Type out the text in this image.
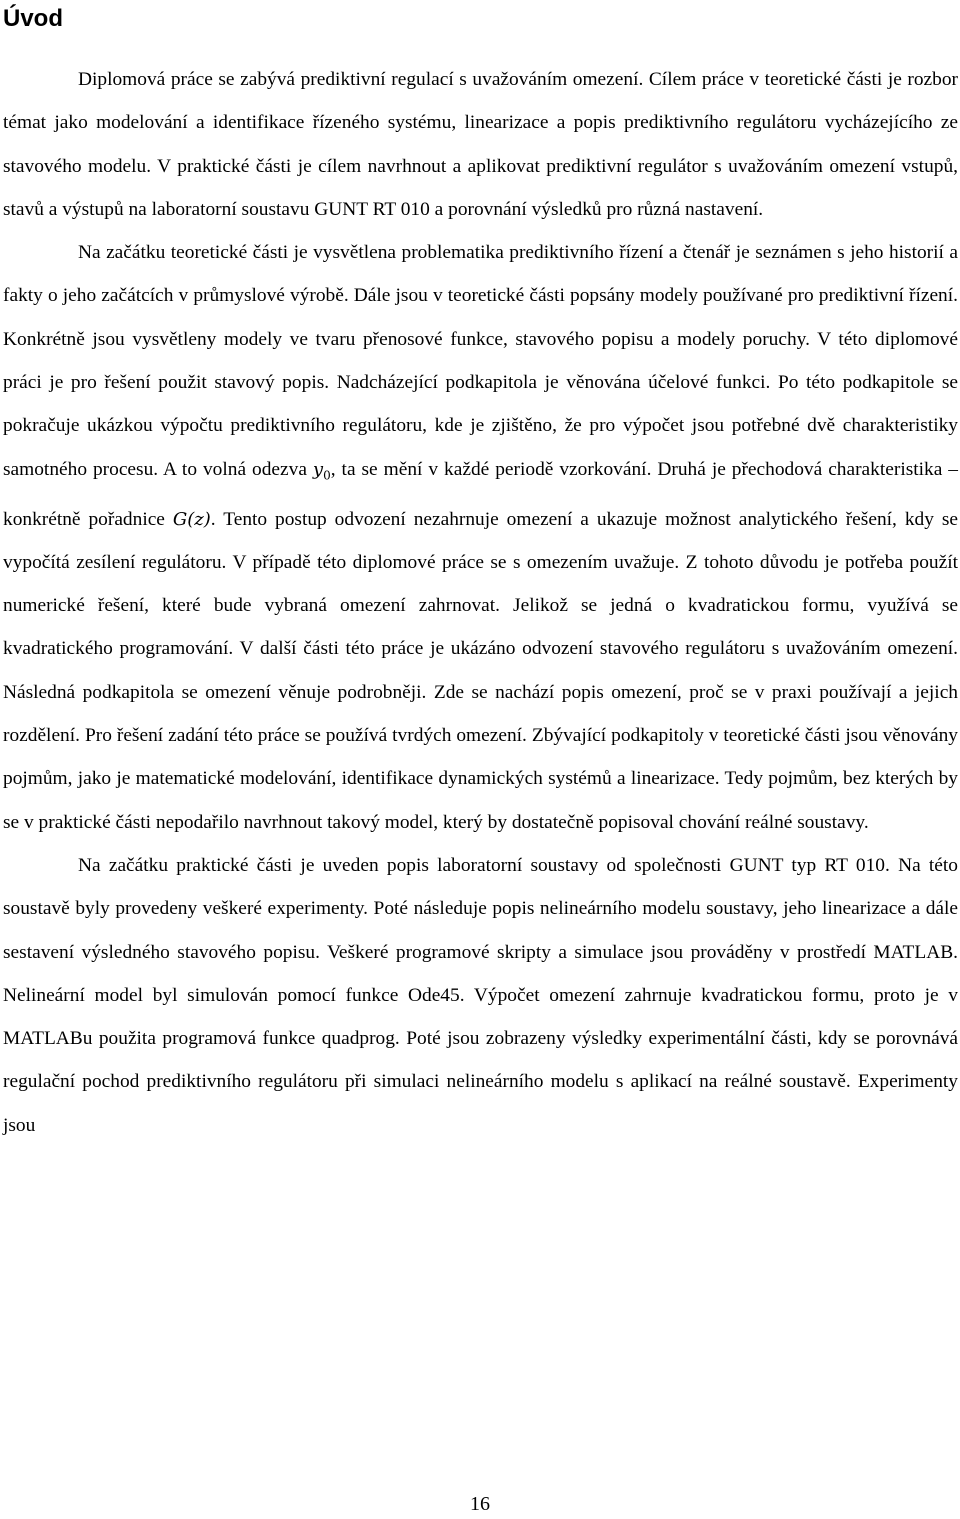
Úvod

Diplomová práce se zabývá prediktivní regulací s uvažováním omezení. Cílem práce v teoretické části je rozbor témat jako modelování a identifikace řízeného systému, linearizace a popis prediktivního regulátoru vycházejícího ze stavového modelu. V praktické části je cílem navrhnout a aplikovat prediktivní regulátor s uvažováním omezení vstupů, stavů a výstupů na laboratorní soustavu GUNT RT 010 a porovnání výsledků pro různá nastavení.

Na začátku teoretické části je vysvětlena problematika prediktivního řízení a čtenář je seznámen s jeho historií a fakty o jeho začátcích v průmyslové výrobě. Dále jsou v teoretické části popsány modely používané pro prediktivní řízení. Konkrétně jsou vysvětleny modely ve tvaru přenosové funkce, stavového popisu a modely poruchy. V této diplomové práci je pro řešení použit stavový popis. Nadcházející podkapitola je věnována účelové funkci. Po této podkapitole se pokračuje ukázkou výpočtu prediktivního regulátoru, kde je zjištěno, že pro výpočet jsou potřebné dvě charakteristiky samotného procesu. A to volná odezva $y_0$, ta se mění v každé periodě vzorkování. Druhá je přechodová charakteristika – konkrétně pořadnice G(z). Tento postup odvození nezahrnuje omezení a ukazuje možnost analytického řešení, kdy se vypočítá zesílení regulátoru. V případě této diplomové práce se s omezením uvažuje. Z tohoto důvodu je potřeba použít numerické řešení, které bude vybraná omezení zahrnovat. Jelikož se jedná o kvadratickou formu, využívá se kvadratického programování. V další části této práce je ukázáno odvození stavového regulátoru s uvažováním omezení. Následná podkapitola se omezení věnuje podrobněji. Zde se nachází popis omezení, proč se v praxi používají a jejich rozdělení. Pro řešení zadání této práce se používá tvrdých omezení. Zbývající podkapitoly v teoretické části jsou věnovány pojmům, jako je matematické modelování, identifikace dynamických systémů a linearizace. Tedy pojmům, bez kterých by se v praktické části nepodařilo navrhnout takový model, který by dostatečně popisoval chování reálné soustavy.

Na začátku praktické části je uveden popis laboratorní soustavy od společnosti GUNT typ RT 010. Na této soustavě byly provedeny veškeré experimenty. Poté následuje popis nelineárního modelu soustavy, jeho linearizace a dále sestavení výsledného stavového popisu. Veškeré programové skripty a simulace jsou prováděny v prostředí MATLAB. Nelineární model byl simulován pomocí funkce Ode45. Výpočet omezení zahrnuje kvadratickou formu, proto je v MATLABu použita programová funkce quadprog. Poté jsou zobrazeny výsledky experimentální části, kdy se porovnává regulační pochod prediktivního regulátoru při simulaci nelineárního modelu s aplikací na reálné soustavě. Experimenty jsou

16
